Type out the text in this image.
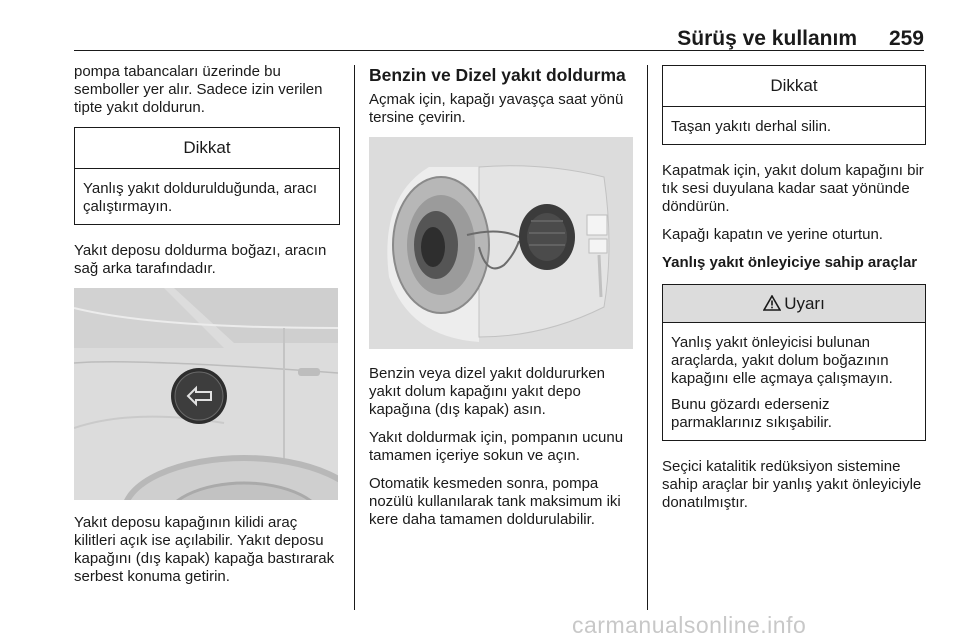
Sürüş ve kullanım 259

pompa tabancaları üzerinde bu semboller yer alır. Sadece izin verilen tipte yakıt doldurun.

Dikkat

Yanlış yakıt doldurulduğunda, aracı çalıştırmayın.

Yakıt deposu doldurma boğazı, aracın sağ arka tarafındadır.

Yakıt deposu kapağının kilidi araç kilitleri açık ise açılabilir. Yakıt deposu kapağını (dış kapak) kapağa bastırarak serbest konuma getirin.

Benzin ve Dizel yakıt doldurma

Açmak için, kapağı yavaşça saat yönü tersine çevirin.

Benzin veya dizel yakıt doldururken yakıt dolum kapağını yakıt depo kapağına (dış kapak) asın.

Yakıt doldurmak için, pompanın ucunu tamamen içeriye sokun ve açın.

Otomatik kesmeden sonra, pompa nozülü kullanılarak tank maksimum iki kere daha tamamen doldurulabilir.

Dikkat

Taşan yakıtı derhal silin.

Kapatmak için, yakıt dolum kapağını bir tık sesi duyulana kadar saat yönünde döndürün.

Kapağı kapatın ve yerine oturtun.

Yanlış yakıt önleyiciye sahip araçlar
Uyarı

Yanlış yakıt önleyicisi bulunan araçlarda, yakıt dolum boğazının kapağını elle açmaya çalışmayın.

Bunu gözardı ederseniz parmaklarınız sıkışabilir.

Seçici katalitik redüksiyon sistemine sahip araçlar bir yanlış yakıt önleyiciyle donatılmıştır.

carmanualsonline.info
